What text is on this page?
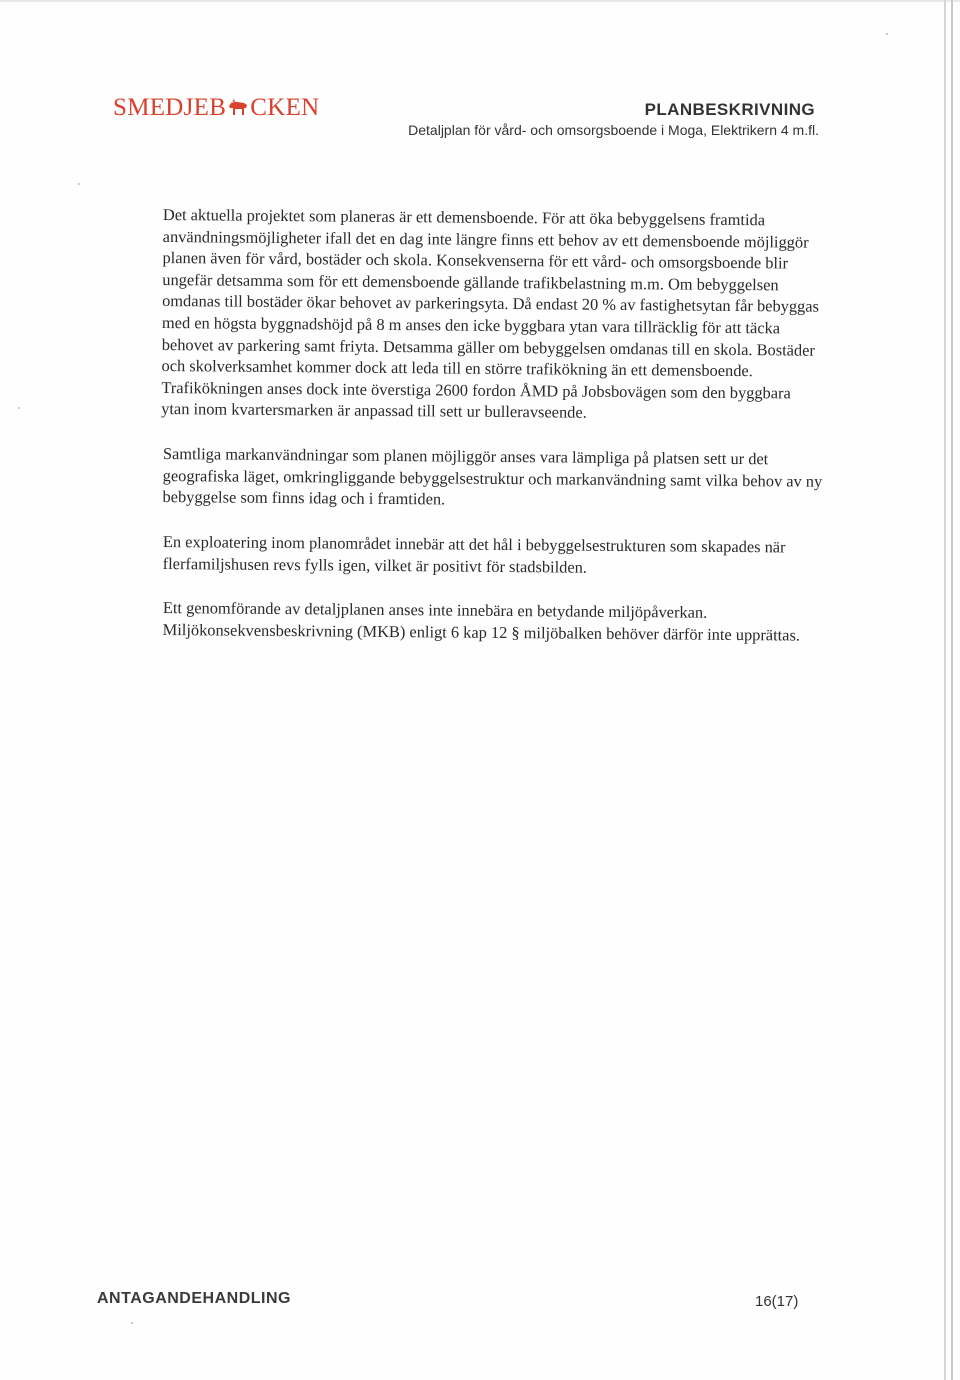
SMEDJEB CKEN	PLANBESKRIVNING
Detaljplan för vård- och omsorgsboende i Moga, Elektrikern 4 m.fl.

Det aktuella projektet som planeras är ett demensboende. För att öka bebyggelsens framtida användningsmöjligheter ifall det en dag inte längre finns ett behov av ett demensboende möjliggör planen även för vård, bostäder och skola. Konsekvenserna för ett vård- och omsorgsboende blir ungefär detsamma som för ett demensboende gällande trafikbelastning m.m. Om bebyggelsen omdanas till bostäder ökar behovet av parkeringsyta. Då endast 20 % av fastighetsytan får bebyggas med en högsta byggnadshöjd på 8 m anses den icke byggbara ytan vara tillräcklig för att täcka behovet av parkering samt friyta. Detsamma gäller om bebyggelsen omdanas till en skola. Bostäder och skolverksamhet kommer dock att leda till en större trafikökning än ett demensboende. Trafikökningen anses dock inte överstiga 2600 fordon ÅMD på Jobsbovägen som den byggbara ytan inom kvartersmarken är anpassad till sett ur bulleravseende.

Samtliga markanvändningar som planen möjliggör anses vara lämpliga på platsen sett ur det geografiska läget, omkringliggande bebyggelsestruktur och markanvändning samt vilka behov av ny bebyggelse som finns idag och i framtiden.

En exploatering inom planområdet innebär att det hål i bebyggelsestrukturen som skapades när flerfamiljshusen revs fylls igen, vilket är positivt för stadsbilden.

Ett genomförande av detaljplanen anses inte innebära en betydande miljöpåverkan. Miljökonsekvensbeskrivning (MKB) enligt 6 kap 12 § miljöbalken behöver därför inte upprättas.

ANTAGANDEHANDLING	16(17)
